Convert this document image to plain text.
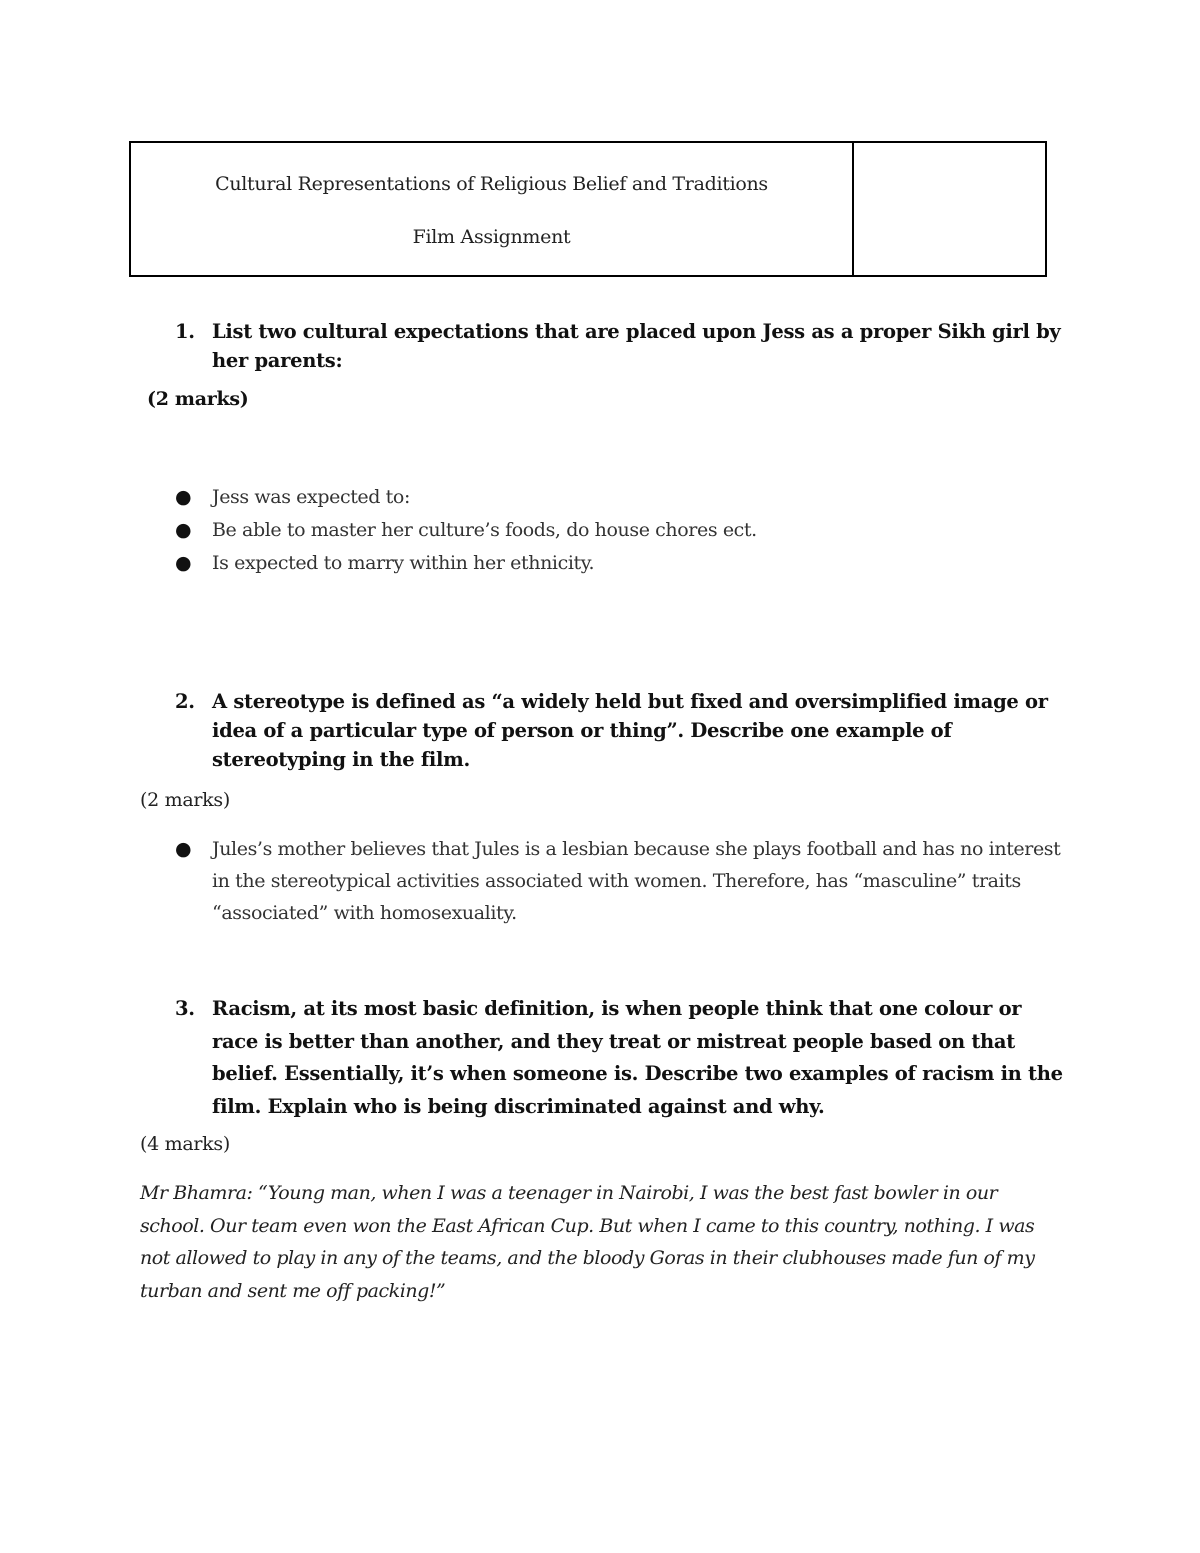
Cultural Representations of Religious Belief and Traditions
Film Assignment
1. List two cultural expectations that are placed upon Jess as a proper Sikh girl by her parents:
(2 marks)
● Jess was expected to:
● Be able to master her culture’s foods, do house chores ect.
● Is expected to marry within her ethnicity.
2. A stereotype is defined as “a widely held but fixed and oversimplified image or idea of a particular type of person or thing”. Describe one example of stereotyping in the film.
(2 marks)
● Jules’s mother believes that Jules is a lesbian because she plays football and has no interest in the stereotypical activities associated with women. Therefore, has “masculine” traits “associated” with homosexuality.
3. Racism, at its most basic definition, is when people think that one colour or race is better than another, and they treat or mistreat people based on that belief. Essentially, it’s when someone is. Describe two examples of racism in the film. Explain who is being discriminated against and why.
(4 marks)

Mr Bhamra: “Young man, when I was a teenager in Nairobi, I was the best fast bowler in our school. Our team even won the East African Cup. But when I came to this country, nothing. I was not allowed to play in any of the teams, and the bloody Goras in their clubhouses made fun of my turban and sent me off packing!”
